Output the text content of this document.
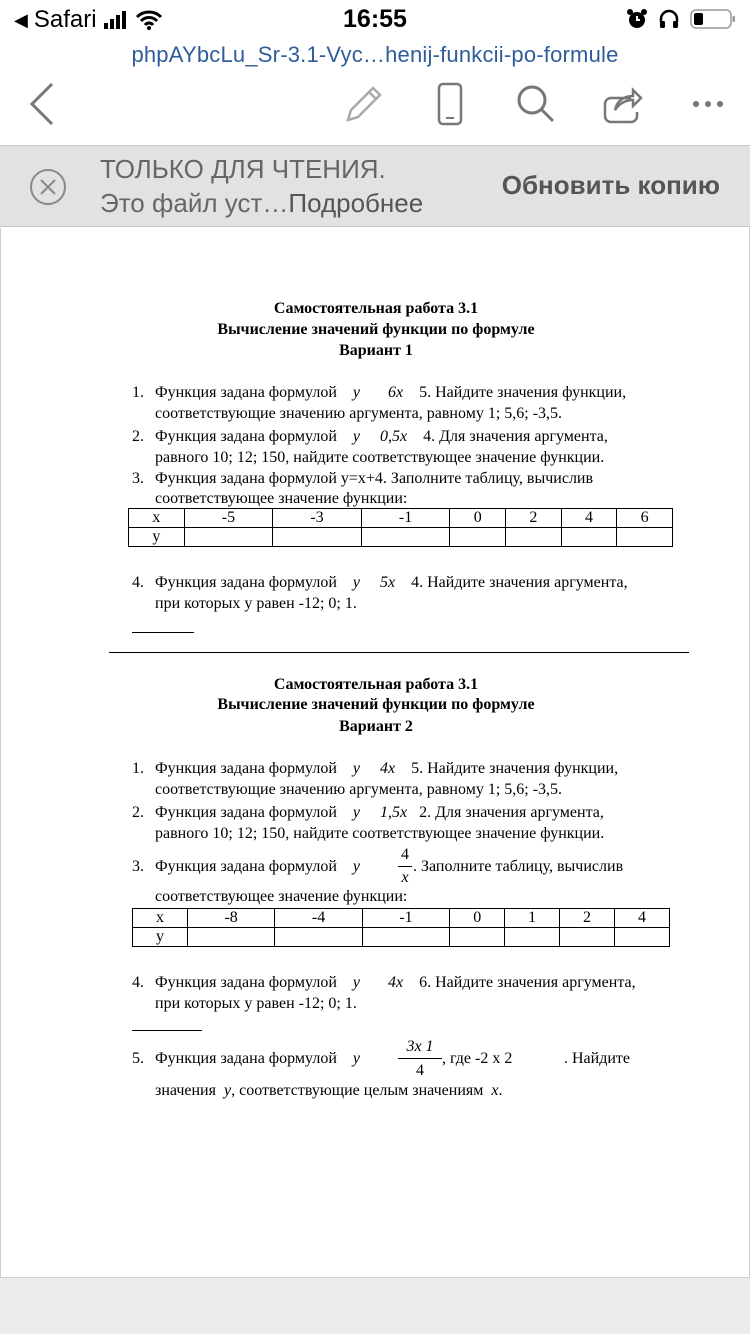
◀ Safari	16:55
phpAYbcLu_Sr-3.1-Vyc…henij-funkcii-po-formule
ТОЛЬКО ДЛЯ ЧТЕНИЯ.
Это файл уст…Подробнее
Обновить копию
Самостоятельная работа 3.1
Вычисление значений функции по формуле
Вариант 1
1. Функция задана формулой y 6x 5. Найдите значения функции,
соответствующие значению аргумента, равному 1; 5,6; -3,5.
2. Функция задана формулой y 0,5x 4. Для значения аргумента,
равного 10; 12; 150, найдите соответствующее значение функции.
3. Функция задана формулой y=x+4. Заполните таблицу, вычислив
соответствующее значение функции:
x	-5	-3	-1	0	2	4	6
y							
4. Функция задана формулой y 5x 4. Найдите значения аргумента,
при которых y равен -12; 0; 1.
Самостоятельная работа 3.1
Вычисление значений функции по формуле
Вариант 2
1. Функция задана формулой y 4x 5. Найдите значения функции,
соответствующие значению аргумента, равному 1; 5,6; -3,5.
2. Функция задана формулой y 1,5x 2. Для значения аргумента,
равного 10; 12; 150, найдите соответствующее значение функции.
3. Функция задана формулой y
4
x
. Заполните таблицу, вычислив
соответствующее значение функции:
x	-8	-4	-1	0	1	2	4
y							
4. Функция задана формулой y 4x 6. Найдите значения аргумента,
при которых y равен -12; 0; 1.
5. Функция задана формулой y
3x 1
4
, где -2 x 2	. Найдите
значения y, соответствующие целым значениям x.
